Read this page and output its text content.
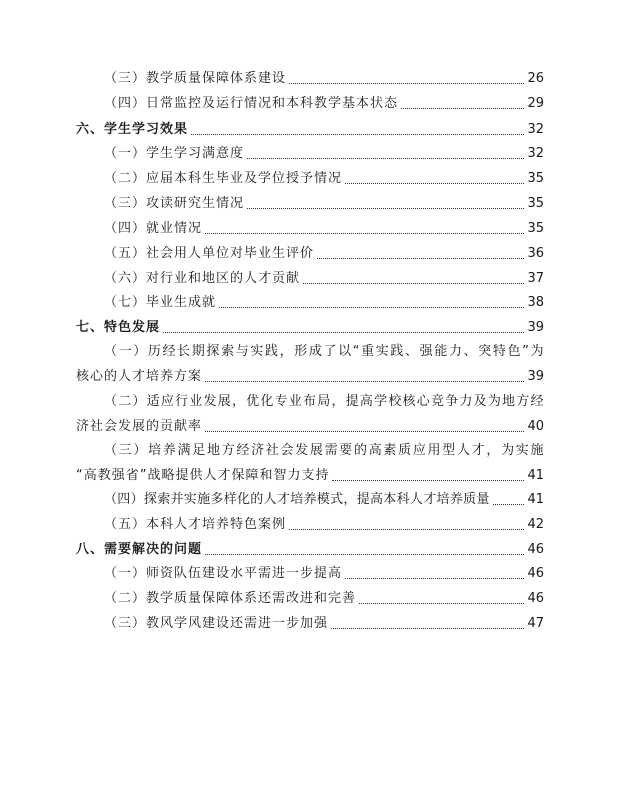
（三）教学质量保障体系建设	26
（四）日常监控及运行情况和本科教学基本状态	29
六、学生学习效果	32
（一）学生学习满意度	32
（二）应届本科生毕业及学位授予情况	35
（三）攻读研究生情况	35
（四）就业情况	35
（五）社会用人单位对毕业生评价	36
（六）对行业和地区的人才贡献	37
（七）毕业生成就	38
七、特色发展	39
（一）历经长期探索与实践，形成了以“重实践、强能力、突特色”为
核心的人才培养方案	39
（二）适应行业发展，优化专业布局，提高学校核心竞争力及为地方经
济社会发展的贡献率	40
（三）培养满足地方经济社会发展需要的高素质应用型人才，为实施
“高教强省”战略提供人才保障和智力支持	41
（四）探索并实施多样化的人才培养模式，提高本科人才培养质量	41
（五）本科人才培养特色案例	42
八、需要解决的问题	46
（一）师资队伍建设水平需进一步提高	46
（二）教学质量保障体系还需改进和完善	46
（三）教风学风建设还需进一步加强	47
